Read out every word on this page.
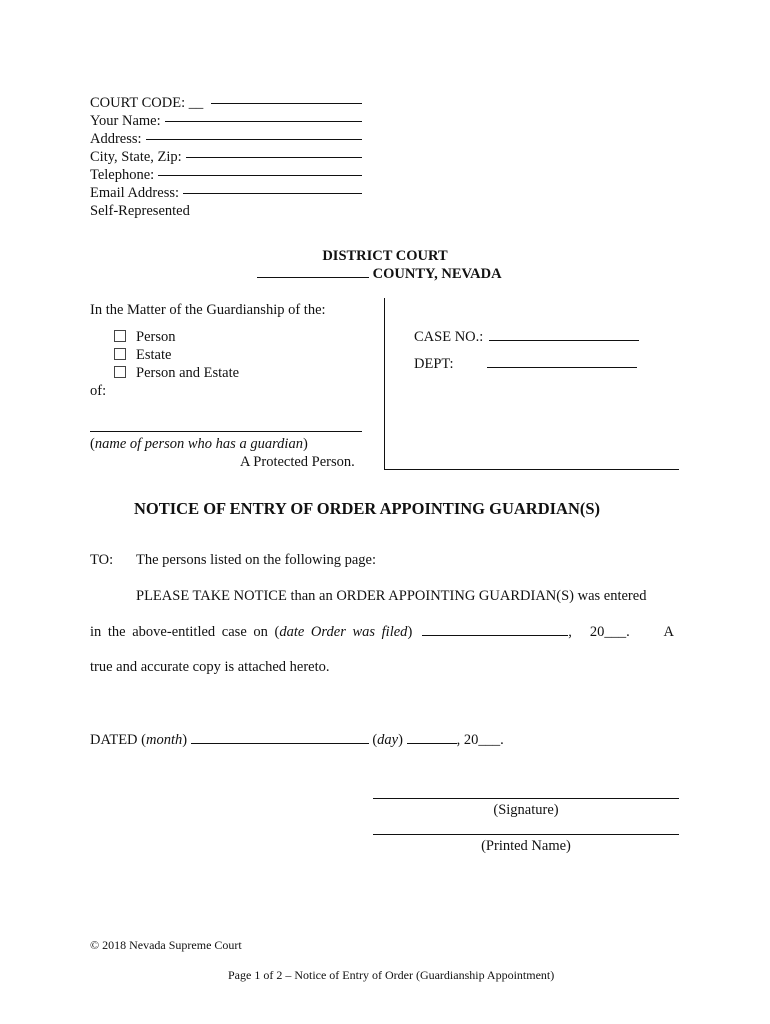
COURT CODE: __
Your Name:
Address:
City, State, Zip:
Telephone:
Email Address:
Self-Represented
DISTRICT COURT
COUNTY, NEVADA
In the Matter of the Guardianship of the:
Person
Estate
Person and Estate
of:
(name of person who has a guardian)
A Protected Person.
CASE NO.:
DEPT:
NOTICE OF ENTRY OF ORDER APPOINTING GUARDIAN(S)
TO: The persons listed on the following page:
PLEASE TAKE NOTICE than an ORDER APPOINTING GUARDIAN(S) was entered
in the above-entitled case on ( date Order was filed )	, 20___. A
true and accurate copy is attached hereto.
DATED (month)	(day)	, 20___.
(Signature)
(Printed Name)
© 2018 Nevada Supreme Court
Page 1 of 2 – Notice of Entry of Order (Guardianship Appointment)
